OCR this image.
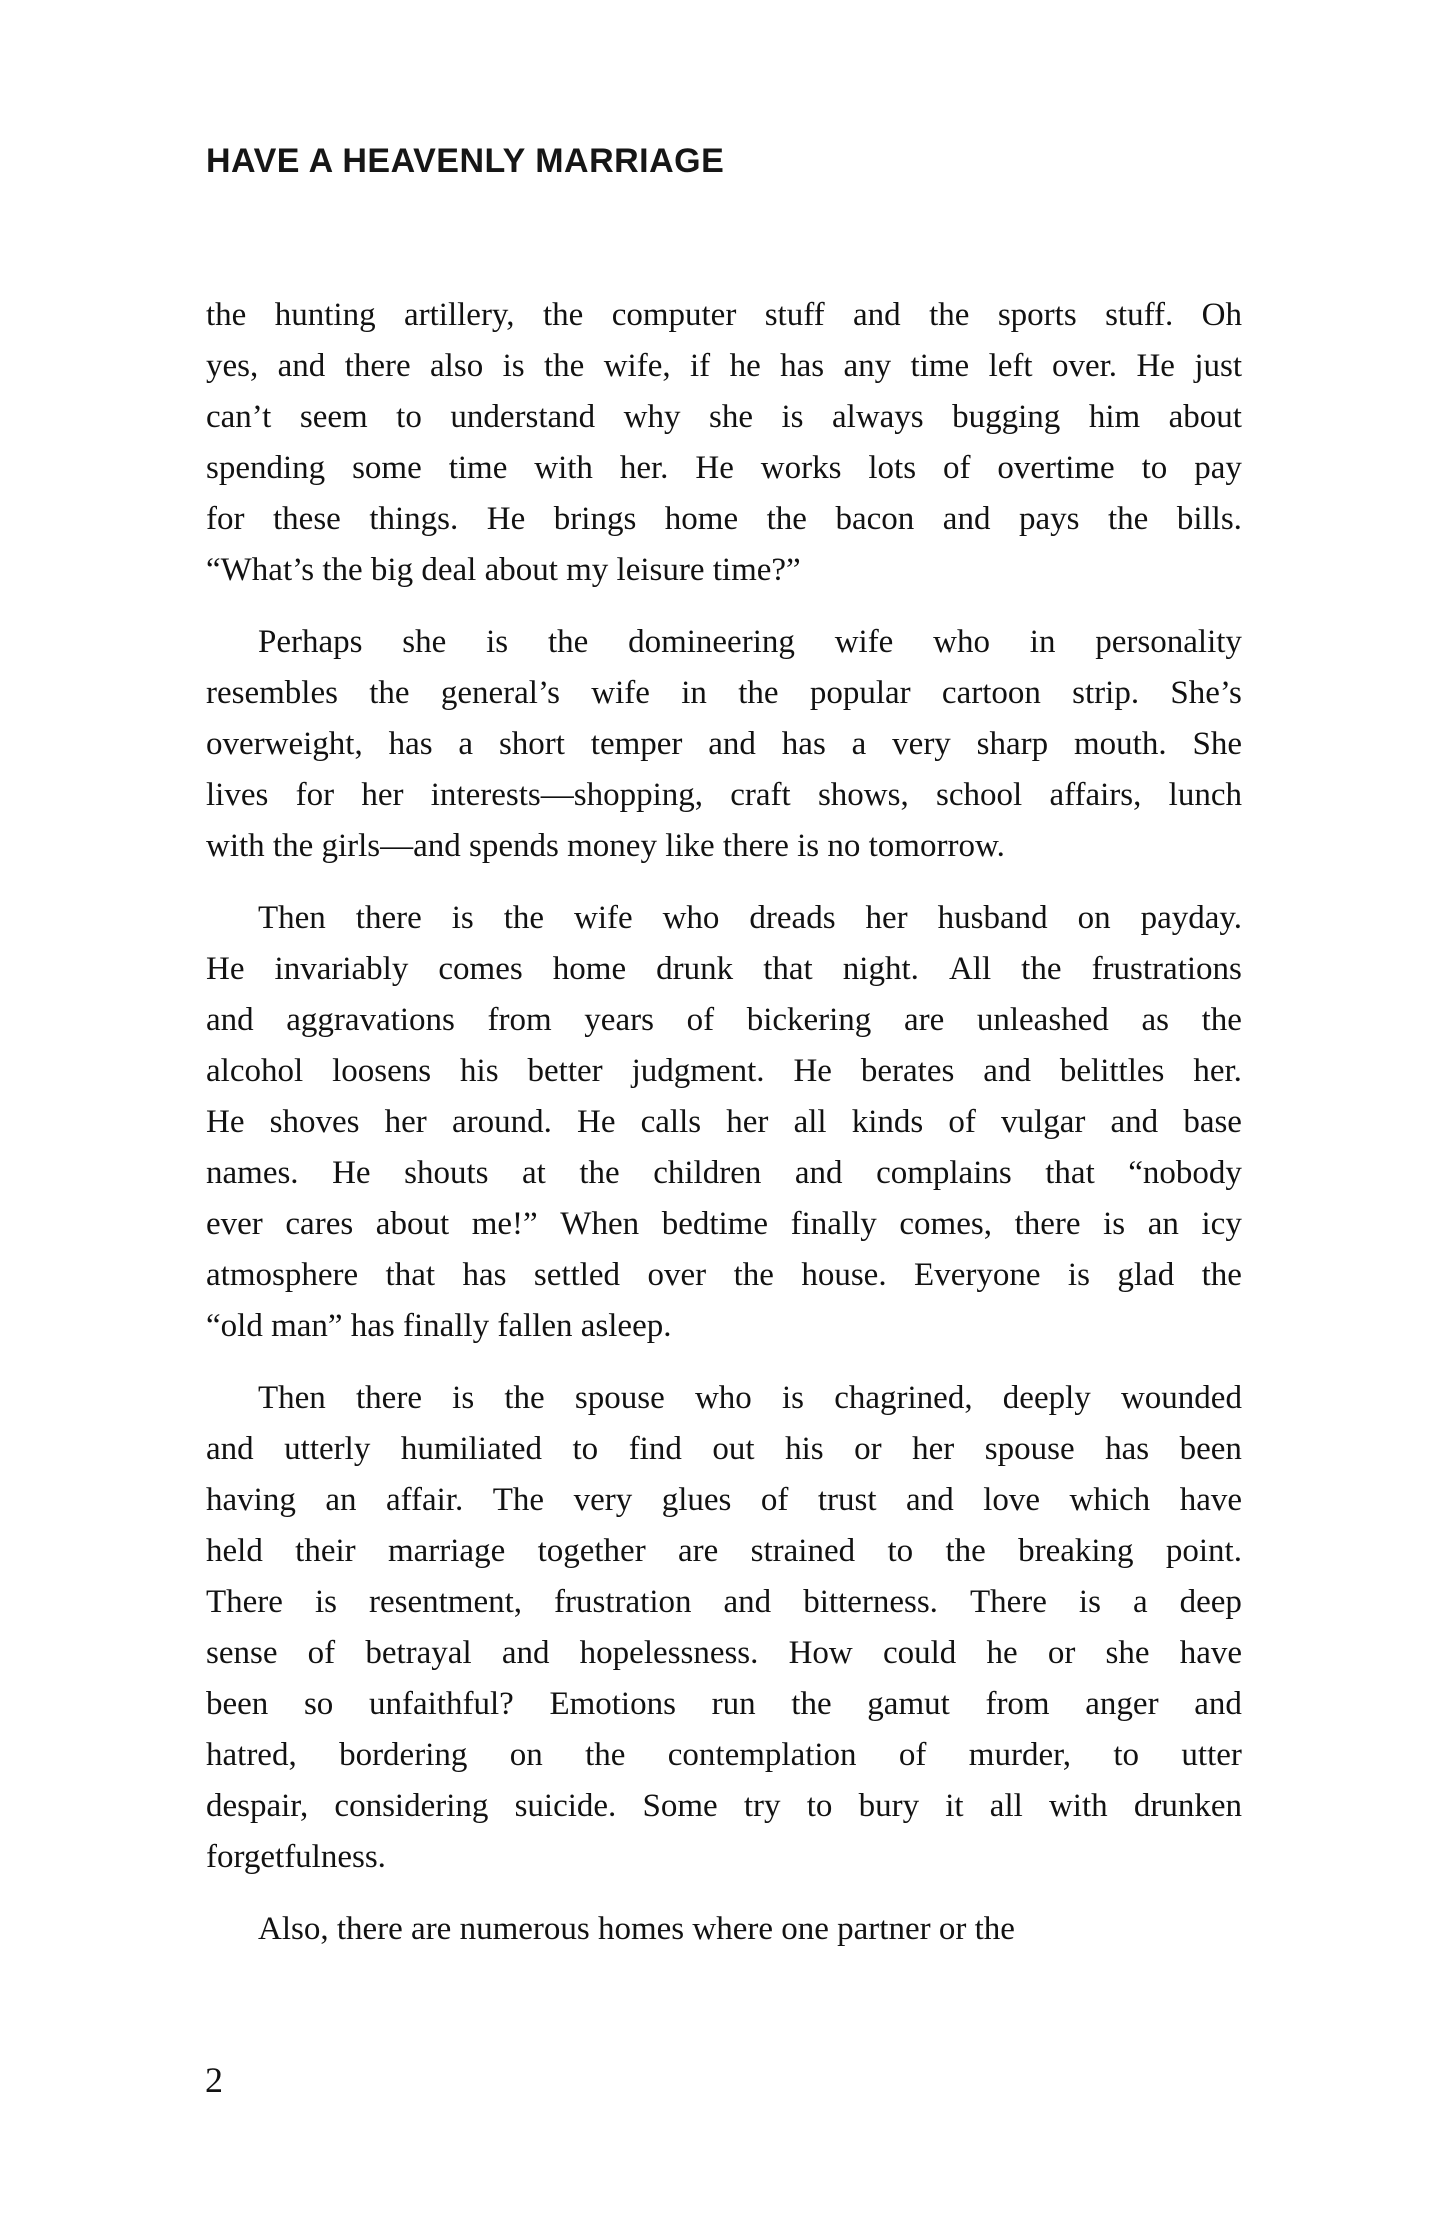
HAVE A HEAVENLY MARRIAGE

the hunting artillery, the computer stuff and the sports stuff. Oh
yes, and there also is the wife, if he has any time left over. He just
can’t seem to understand why she is always bugging him about
spending some time with her. He works lots of overtime to pay
for these things. He brings home the bacon and pays the bills.
“What’s the big deal about my leisure time?”

Perhaps she is the domineering wife who in personality
resembles the general’s wife in the popular cartoon strip. She’s
overweight, has a short temper and has a very sharp mouth. She
lives for her interests—shopping, craft shows, school affairs, lunch
with the girls—and spends money like there is no tomorrow.

Then there is the wife who dreads her husband on payday.
He invariably comes home drunk that night. All the frustrations
and aggravations from years of bickering are unleashed as the
alcohol loosens his better judgment. He berates and belittles her.
He shoves her around. He calls her all kinds of vulgar and base
names. He shouts at the children and complains that “nobody
ever cares about me!” When bedtime finally comes, there is an icy
atmosphere that has settled over the house. Everyone is glad the
“old man” has finally fallen asleep.

Then there is the spouse who is chagrined, deeply wounded
and utterly humiliated to find out his or her spouse has been
having an affair. The very glues of trust and love which have
held their marriage together are strained to the breaking point.
There is resentment, frustration and bitterness. There is a deep
sense of betrayal and hopelessness. How could he or she have
been so unfaithful? Emotions run the gamut from anger and
hatred, bordering on the contemplation of murder, to utter
despair, considering suicide. Some try to bury it all with drunken
forgetfulness.

Also, there are numerous homes where one partner or the

2
